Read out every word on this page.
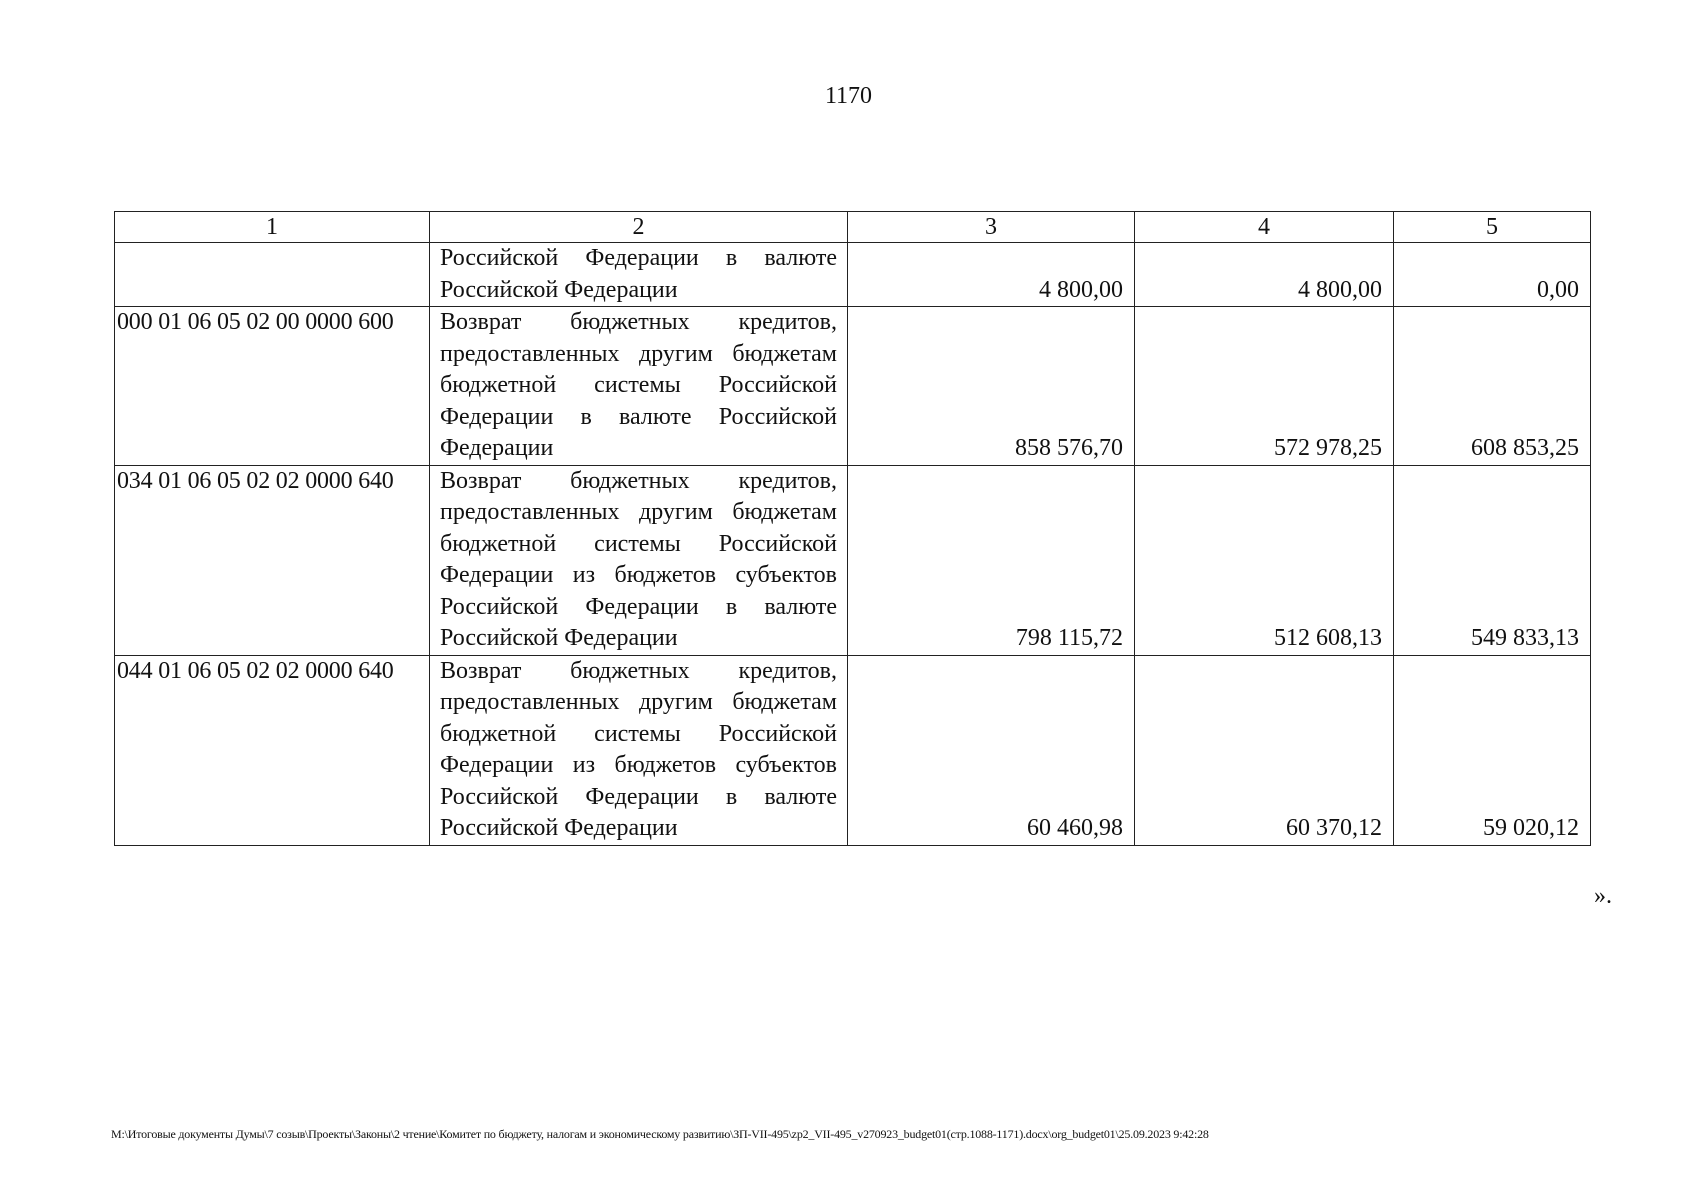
1170
1	2	3	4	5
	Российской Федерации в валюте Российской Федерации	4 800,00	4 800,00	0,00
000 01 06 05 02 00 0000 600	Возврат бюджетных кредитов, предоставленных другим бюджетам бюджетной системы Российской Федерации в валюте Российской Федерации	858 576,70	572 978,25	608 853,25
034 01 06 05 02 02 0000 640	Возврат бюджетных кредитов, предоставленных другим бюджетам бюджетной системы Российской Федерации из бюджетов субъектов Российской Федерации в валюте Российской Федерации	798 115,72	512 608,13	549 833,13
044 01 06 05 02 02 0000 640	Возврат бюджетных кредитов, предоставленных другим бюджетам бюджетной системы Российской Федерации из бюджетов субъектов Российской Федерации в валюте Российской Федерации	60 460,98	60 370,12	59 020,12
».
M:\Итоговые документы Думы\7 созыв\Проекты\Законы\2 чтение\Комитет по бюджету, налогам и экономическому развитию\ЗП-VII-495\zp2_VII-495_v270923_budget01(стр.1088-1171).docx\org_budget01\25.09.2023 9:42:28
